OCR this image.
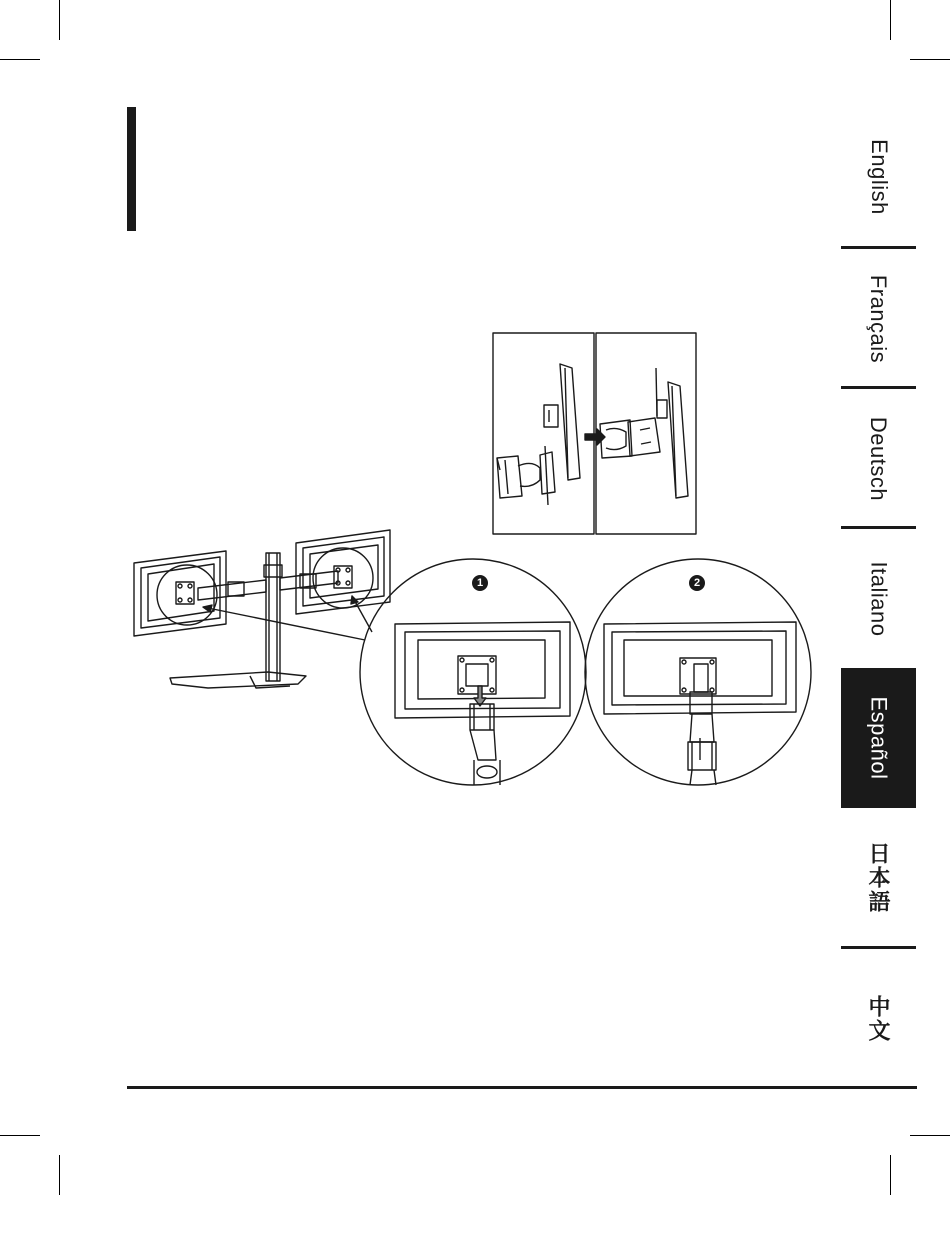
1	2
English
Français
Deutsch
Italiano
Español
日本語
中文
